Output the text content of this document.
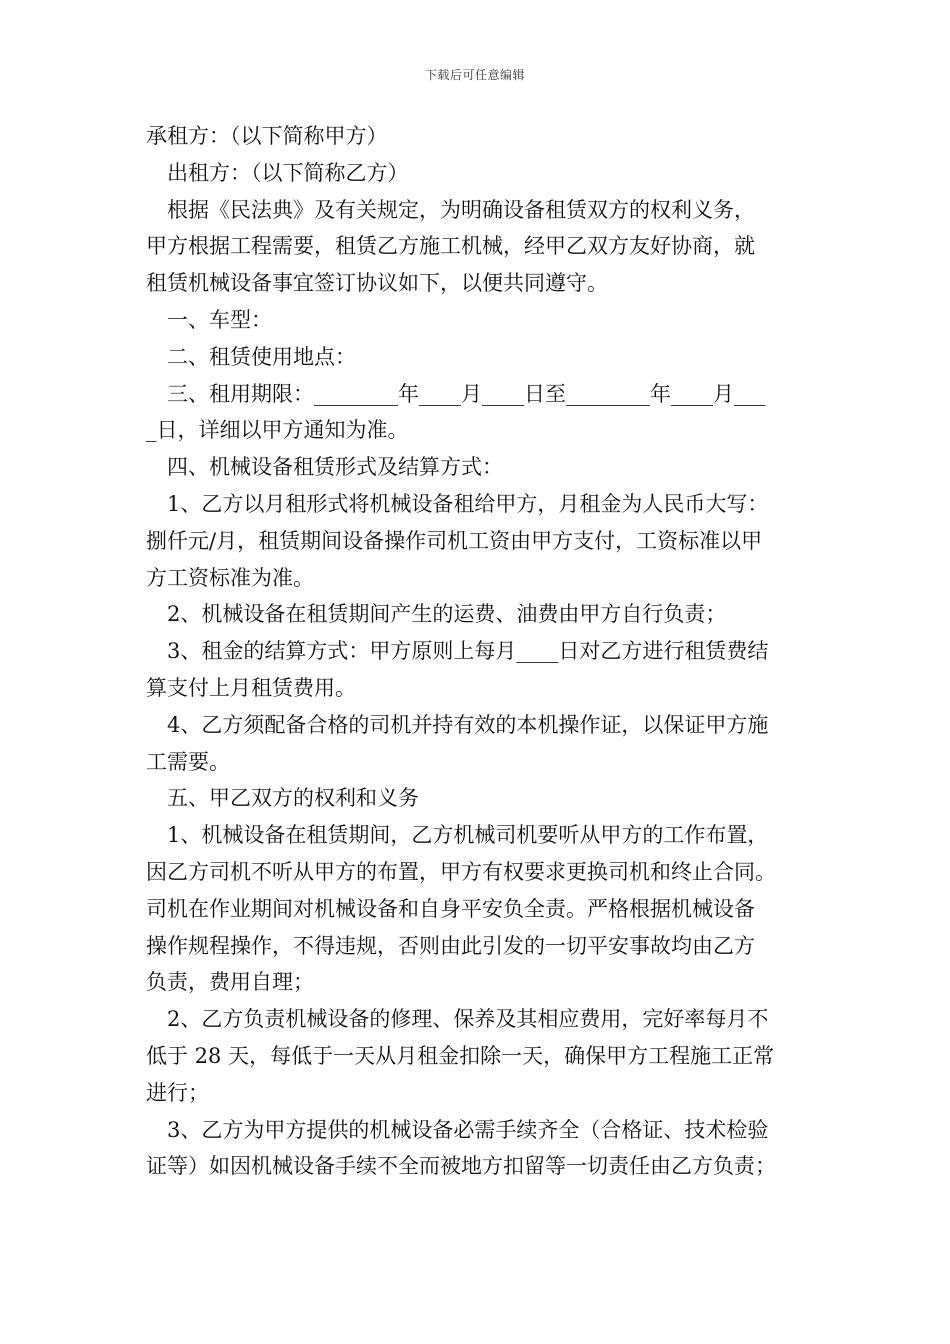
下载后可任意编辑
承租方：（以下简称甲方）
出租方：（以下简称乙方）
根据《民法典》及有关规定，为明确设备租赁双方的权利义务，
甲方根据工程需要，租赁乙方施工机械，经甲乙双方友好协商，就
租赁机械设备事宜签订协议如下，以便共同遵守。
一、车型：
二、租赁使用地点：
三、租用期限：________年____月____日至________年____月___
_日，详细以甲方通知为准。
四、机械设备租赁形式及结算方式：
1、乙方以月租形式将机械设备租给甲方，月租金为人民币大写：
捌仟元/月，租赁期间设备操作司机工资由甲方支付，工资标准以甲
方工资标准为准。
2、机械设备在租赁期间产生的运费、油费由甲方自行负责；
3、租金的结算方式：甲方原则上每月____日对乙方进行租赁费结
算支付上月租赁费用。
4、乙方须配备合格的司机并持有效的本机操作证，以保证甲方施
工需要。
五、甲乙双方的权利和义务
1、机械设备在租赁期间，乙方机械司机要听从甲方的工作布置，
因乙方司机不听从甲方的布置，甲方有权要求更换司机和终止合同。
司机在作业期间对机械设备和自身平安负全责。严格根据机械设备
操作规程操作，不得违规，否则由此引发的一切平安事故均由乙方
负责，费用自理；
2、乙方负责机械设备的修理、保养及其相应费用，完好率每月不
低于 28 天，每低于一天从月租金扣除一天，确保甲方工程施工正常
进行；
3、乙方为甲方提供的机械设备必需手续齐全（合格证、技术检验
证等）如因机械设备手续不全而被地方扣留等一切责任由乙方负责；
